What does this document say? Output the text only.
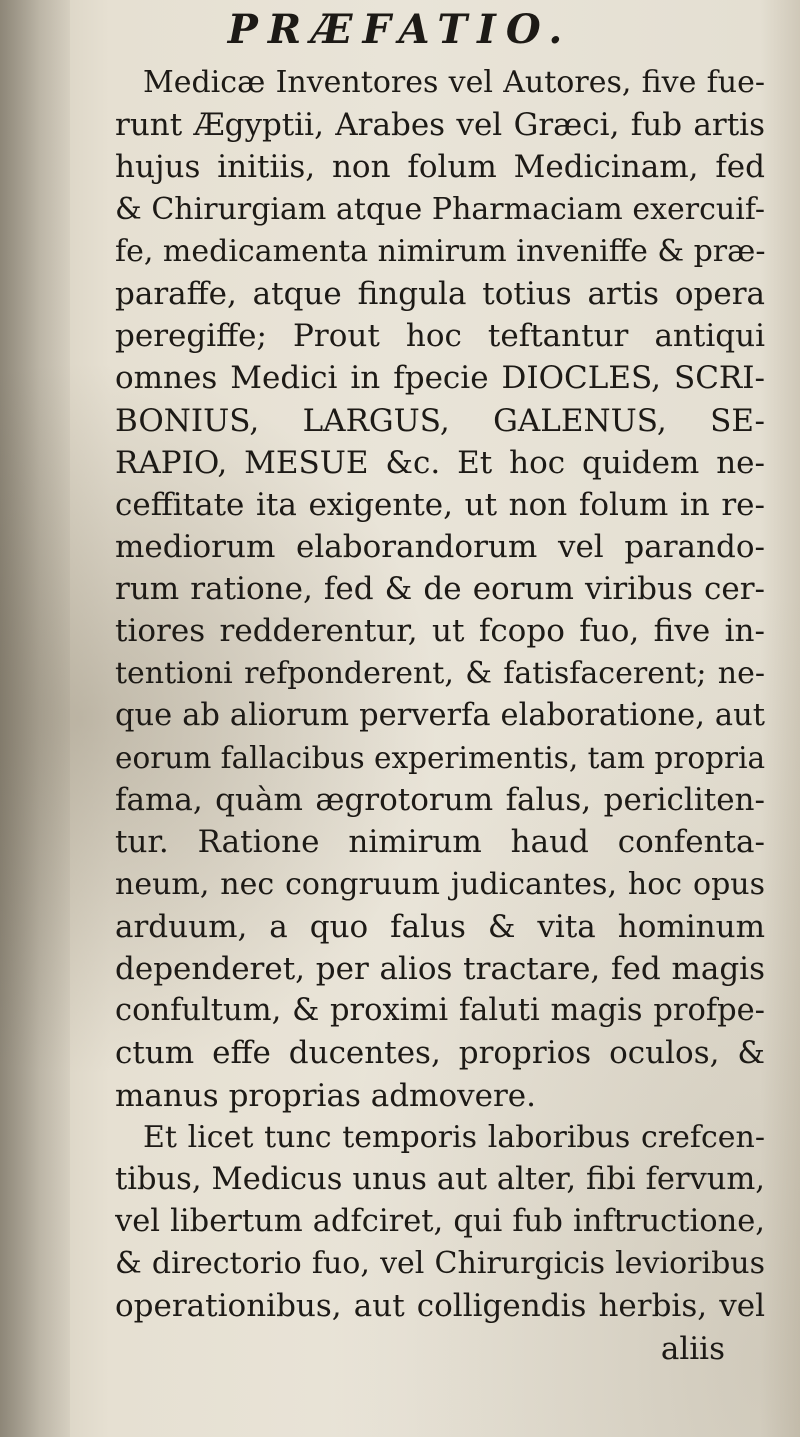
PRÆFATIO.
Medicæ Inventores vel Autores, five fue-
runt Ægyptii, Arabes vel Græci, fub artis
hujus initiis, non folum Medicinam, fed
& Chirurgiam atque Pharmaciam exercuif-
fe, medicamenta nimirum inveniffe & præ-
paraffe, atque fingula totius artis opera
peregiffe; Prout hoc teftantur antiqui
omnes Medici in fpecie DIOCLES, SCRI-
BONIUS, LARGUS, GALENUS, SE-
RAPIO, MESUE &c. Et hoc quidem ne-
ceffitate ita exigente, ut non folum in re-
mediorum elaborandorum vel parando-
rum ratione, fed & de eorum viribus cer-
tiores redderentur, ut fcopo fuo, five in-
tentioni refponderent, & fatisfacerent; ne-
que ab aliorum perverfa elaboratione, aut
eorum fallacibus experimentis, tam propria
fama, quàm ægrotorum falus, pericliten-
tur. Ratione nimirum haud confenta-
neum, nec congruum judicantes, hoc opus
arduum, a quo falus & vita hominum
dependeret, per alios tractare, fed magis
confultum, & proximi faluti magis profpe-
ctum effe ducentes, proprios oculos, &
manus proprias admovere.
Et licet tunc temporis laboribus crefcen-
tibus, Medicus unus aut alter, fibi fervum,
vel libertum adfciret, qui fub inftructione,
& directorio fuo, vel Chirurgicis levioribus
operationibus, aut colligendis herbis, vel
aliis
